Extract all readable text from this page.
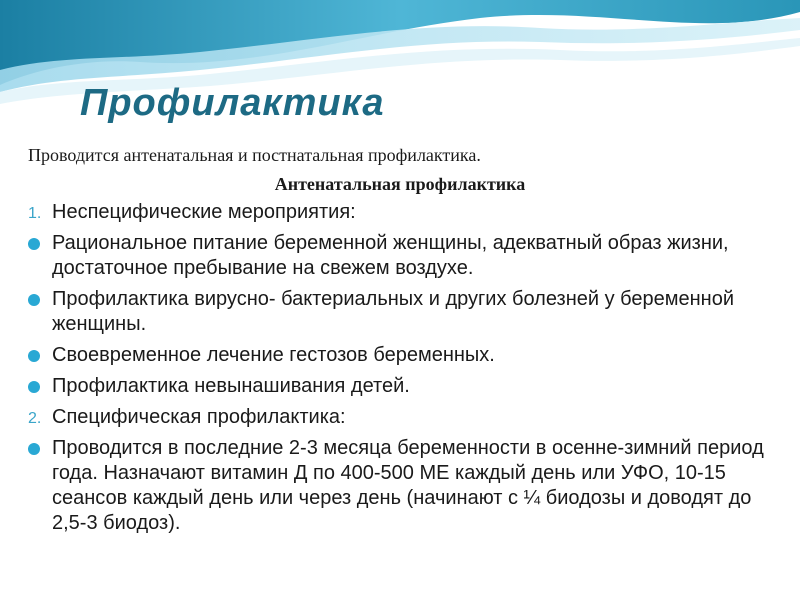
Профилактика
Проводится антенатальная и постнатальная профилактика.
Антенатальная профилактика
1. Неспецифические мероприятия:
Рациональное питание беременной женщины, адекватный образ жизни, достаточное пребывание на свежем воздухе.
Профилактика вирусно- бактериальных и других болезней у беременной женщины.
Своевременное лечение гестозов беременных.
Профилактика невынашивания детей.
2. Специфическая профилактика:
Проводится в последние 2-3 месяца беременности в осенне-зимний период года. Назначают витамин Д по 400-500 МЕ каждый день или УФО, 10-15 сеансов каждый день или через день (начинают с ¼ биодозы и доводят до 2,5-3 биодоз).
